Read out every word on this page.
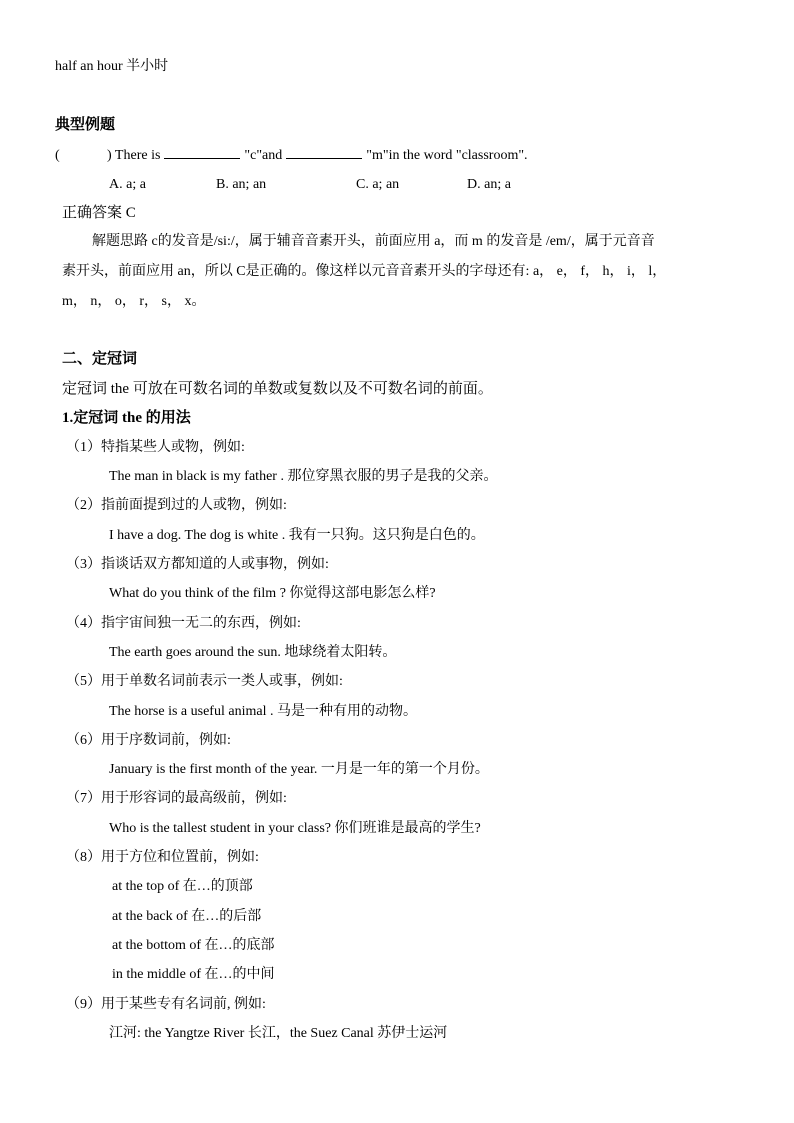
half an hour 半小时
典型例题
(	) There is	"c"and	"m"in the word "classroom".
A. a; a	B. an; an	C. a; an	D. an; a
正确答案 C
解题思路 c的发音是/si:/，属于辅音音素开头，前面应用 a，而 m 的发音是 /em/，属于元音音
素开头，前面应用 an，所以 C是正确的。像这样以元音音素开头的字母还有: a， e， f， h， i， l，
m， n， o， r， s， x。
二、定冠词
定冠词 the 可放在可数名词的单数或复数以及不可数名词的前面。
1.定冠词 the 的用法
（1）特指某些人或物，例如:
The man in black is my father . 那位穿黑衣服的男子是我的父亲。
（2）指前面提到过的人或物，例如:
I have a dog. The dog is white . 我有一只狗。这只狗是白色的。
（3）指谈话双方都知道的人或事物，例如:
What do you think of the film ? 你觉得这部电影怎么样?
（4）指宇宙间独一无二的东西，例如:
The earth goes around the sun. 地球绕着太阳转。
（5）用于单数名词前表示一类人或事，例如:
The horse is a useful animal . 马是一种有用的动物。
（6）用于序数词前，例如:
January is the first month of the year. 一月是一年的第一个月份。
（7）用于形容词的最高级前，例如:
Who is the tallest student in your class? 你们班谁是最高的学生?
（8）用于方位和位置前，例如:
at the top of 在…的顶部
at the back of 在…的后部
at the bottom of 在…的底部
in the middle of 在…的中间
（9）用于某些专有名词前, 例如:
江河: the Yangtze River 长江，the Suez Canal 苏伊士运河
